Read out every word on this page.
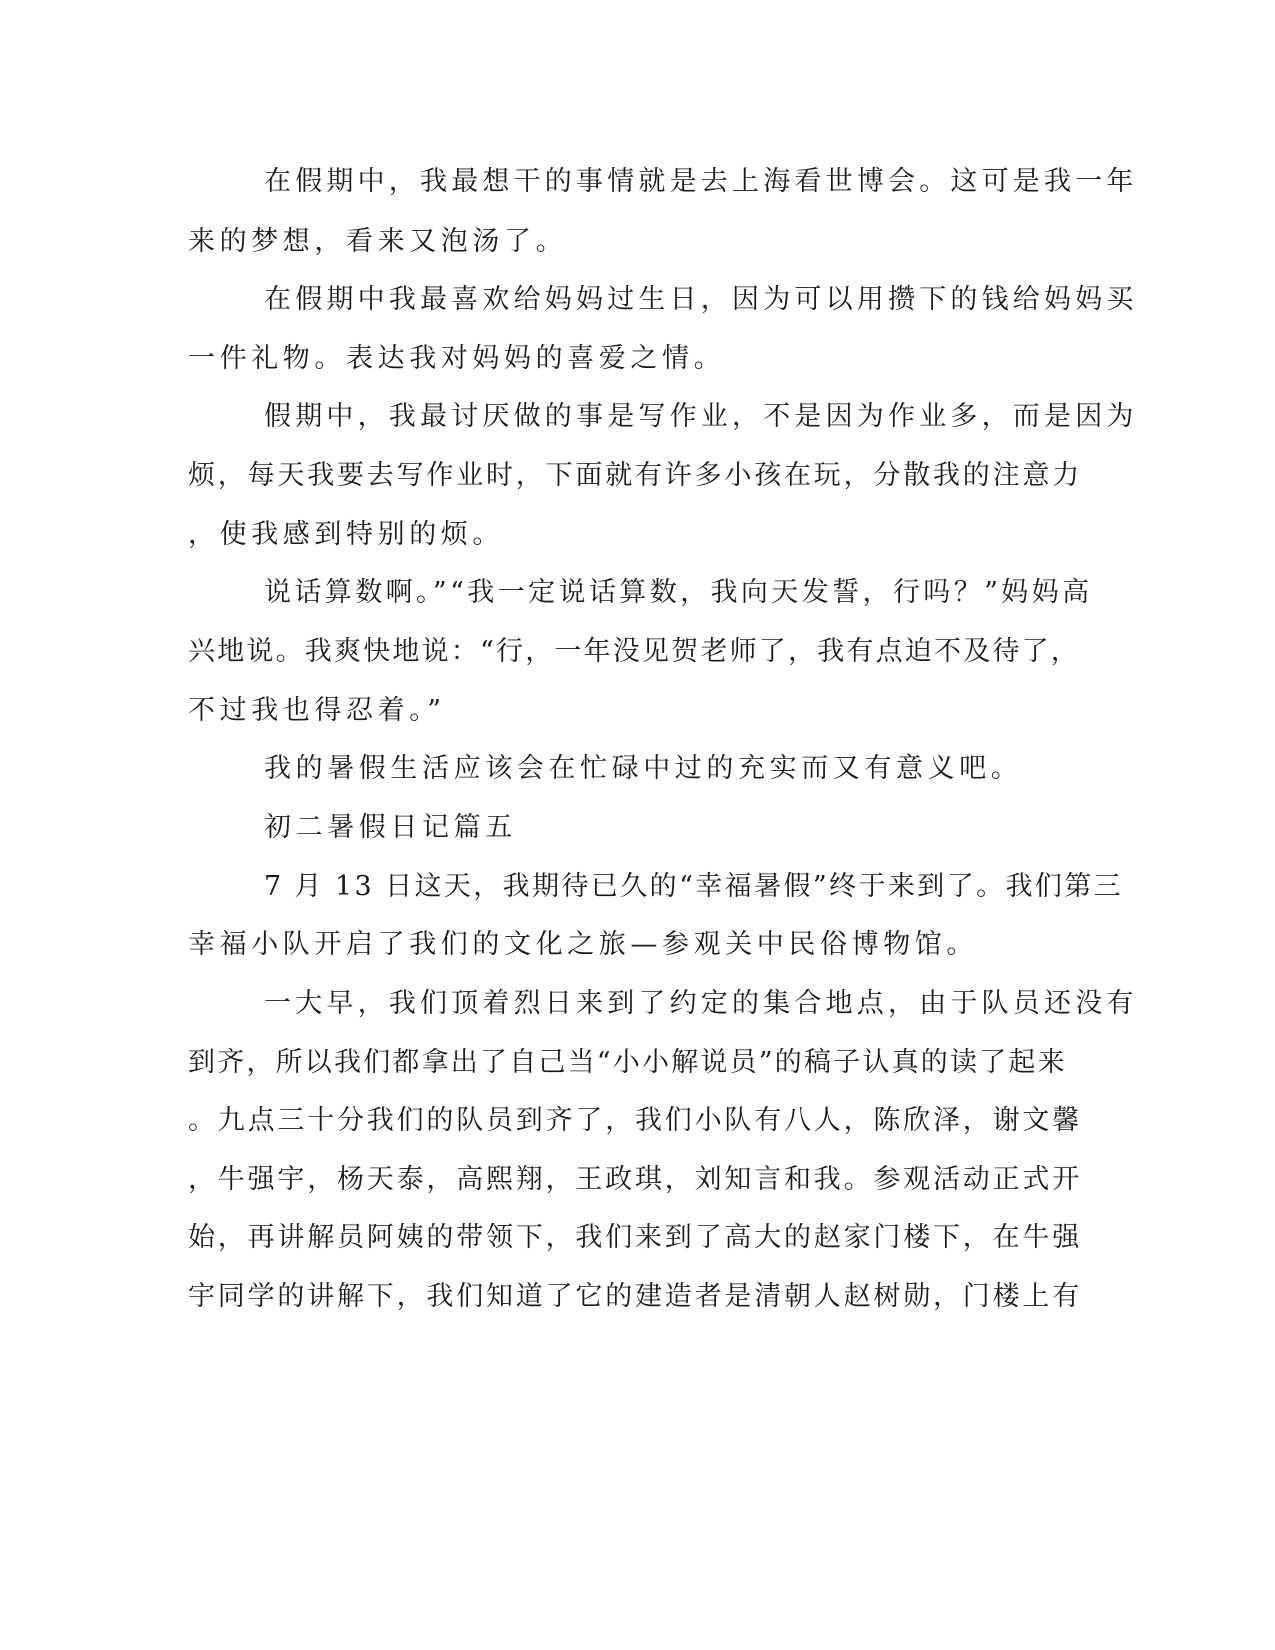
在假期中，我最想干的事情就是去上海看世博会。这可是我一年

来的梦想，看来又泡汤了。

在假期中我最喜欢给妈妈过生日，因为可以用攒下的钱给妈妈买

一件礼物。表达我对妈妈的喜爱之情。

假期中，我最讨厌做的事是写作业，不是因为作业多，而是因为

烦，每天我要去写作业时，下面就有许多小孩在玩，分散我的注意力

，使我感到特别的烦。

说话算数啊。”“我一定说话算数，我向天发誓，行吗？”妈妈高

兴地说。我爽快地说：“行，一年没见贺老师了，我有点迫不及待了，

不过我也得忍着。”

我的暑假生活应该会在忙碌中过的充实而又有意义吧。

初二暑假日记篇五

7 月 13 日这天，我期待已久的“幸福暑假”终于来到了。我们第三

幸福小队开启了我们的文化之旅—参观关中民俗博物馆。

一大早，我们顶着烈日来到了约定的集合地点，由于队员还没有

到齐，所以我们都拿出了自己当“小小解说员”的稿子认真的读了起来

。九点三十分我们的队员到齐了，我们小队有八人，陈欣泽，谢文馨

，牛强宇，杨天泰，高熙翔，王政琪，刘知言和我。参观活动正式开

始，再讲解员阿姨的带领下，我们来到了高大的赵家门楼下，在牛强

宇同学的讲解下，我们知道了它的建造者是清朝人赵树勋，门楼上有
